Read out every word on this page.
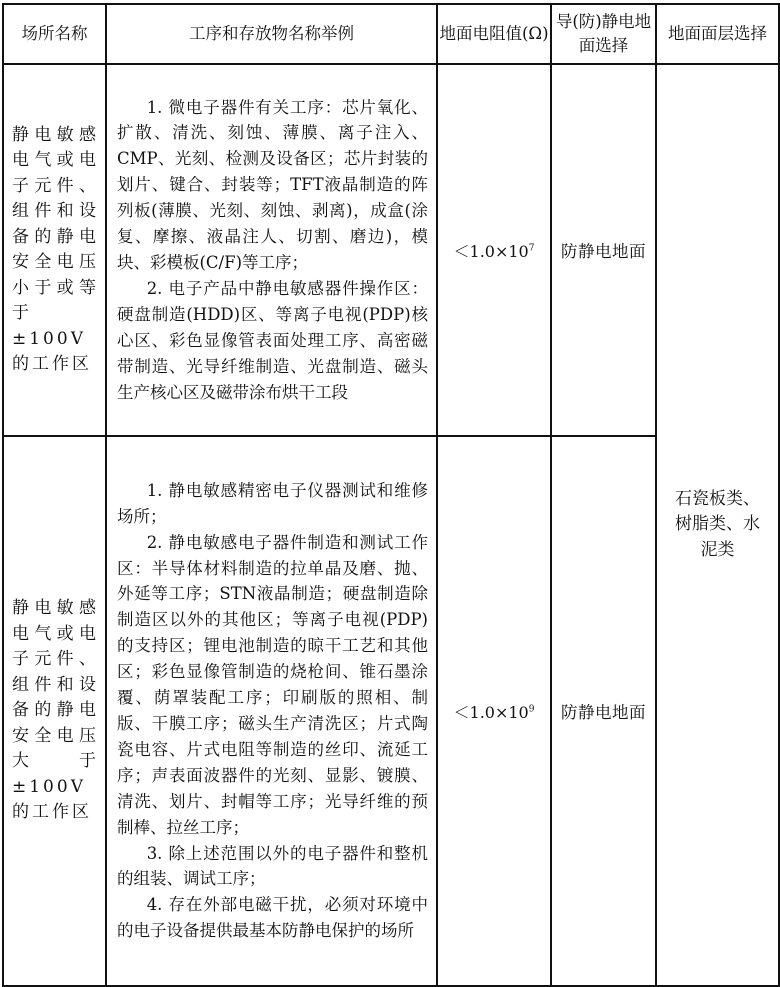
场所名称	工序和存放物名称举例	地面电阻值(Ω)	导(防)静电地面选择	地面面层选择
静电敏感电气或电子元件、组件和设备的静电安全电压小于或等于±100V的工作区	1. 微电子器件有关工序：芯片氧化、扩散、清洗、刻蚀、薄膜、离子注入、CMP、光刻、检测及设备区；芯片封装的划片、键合、封装等；TFT液晶制造的阵列板(薄膜、光刻、刻蚀、剥离)，成盒(涂复、摩擦、液晶注人、切割、磨边)，模块、彩模板(C/F)等工序；

2. 电子产品中静电敏感器件操作区：硬盘制造(HDD)区、等离子电视(PDP)核心区、彩色显像管表面处理工序、高密磁带制造、光导纤维制造、光盘制造、磁头生产核心区及磁带涂布烘干工段	$<1.0\times 10^7$	防静电地面	石瓷板类、树脂类、水泥类
静电敏感电气或电子元件、组件和设备的静电安全电压大于±100V的工作区	1. 静电敏感精密电子仪器测试和维修场所；

2. 静电敏感电子器件制造和测试工作区：半导体材料制造的拉单晶及磨、抛、外延等工序；STN液晶制造；硬盘制造除制造区以外的其他区；等离子电视(PDP)的支持区；锂电池制造的晾干工艺和其他区；彩色显像管制造的烧枪间、锥石墨涂覆、荫罩装配工序；印刷版的照相、制版、干膜工序；磁头生产清洗区；片式陶瓷电容、片式电阻等制造的丝印、流延工序；声表面波器件的光刻、显影、镀膜、清洗、划片、封帽等工序；光导纤维的预制棒、拉丝工序；

3. 除上述范围以外的电子器件和整机的组装、调试工序；

4. 存在外部电磁干扰，必须对环境中的电子设备提供最基本防静电保护的场所	$<1.0\times 10^9$	防静电地面	
